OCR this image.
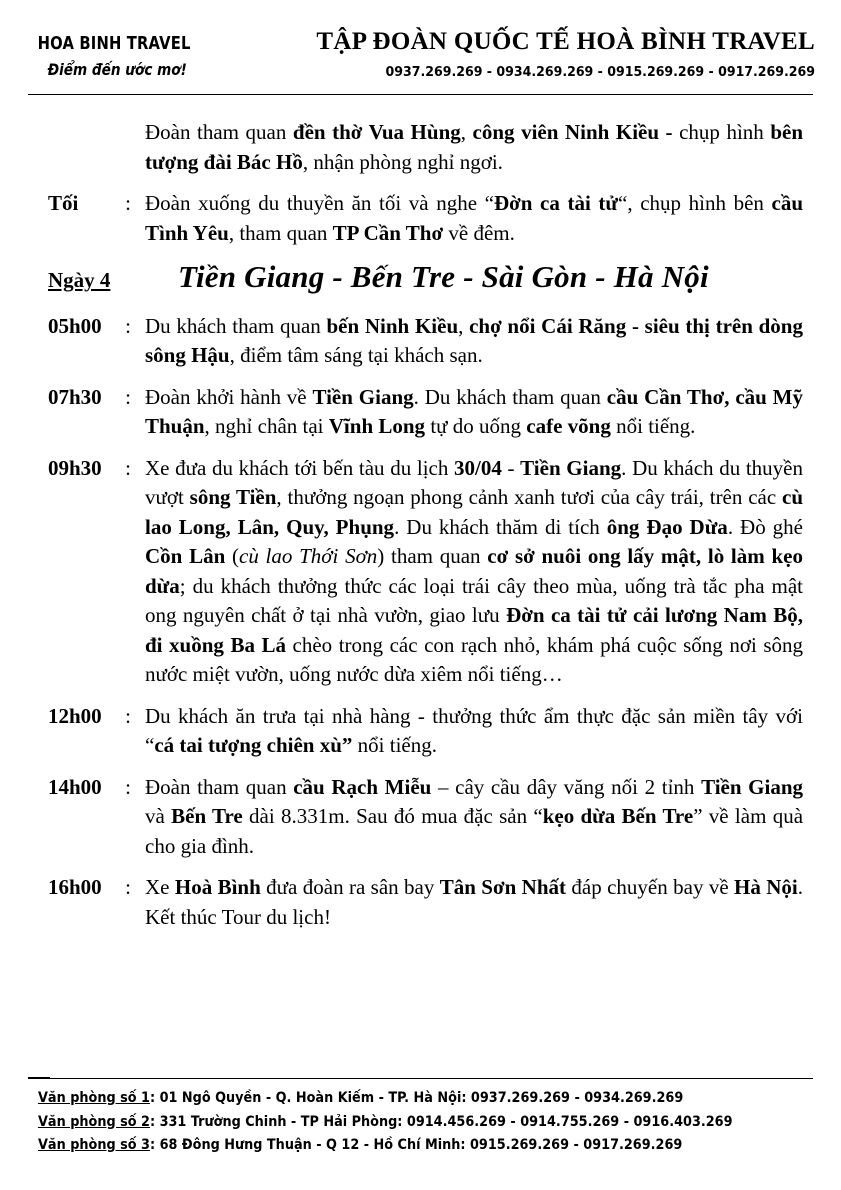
HOA BINH TRAVEL
Điểm đến ước mơ!
TẬP ĐOÀN QUỐC TẾ HOÀ BÌNH TRAVEL
0937.269.269 - 0934.269.269 - 0915.269.269 - 0917.269.269
Đoàn tham quan đền thờ Vua Hùng, công viên Ninh Kiều - chụp hình bên tượng đài Bác Hồ, nhận phòng nghỉ ngơi.
Tối	: Đoàn xuống du thuyền ăn tối và nghe “Đờn ca tài tử“, chụp hình bên cầu Tình Yêu, tham quan TP Cần Thơ về đêm.
Ngày 4	Tiền Giang - Bến Tre - Sài Gòn - Hà Nội
05h00 : Du khách tham quan bến Ninh Kiều, chợ nổi Cái Răng - siêu thị trên dòng sông Hậu, điểm tâm sáng tại khách sạn.
07h30 : Đoàn khởi hành về Tiền Giang. Du khách tham quan cầu Cần Thơ, cầu Mỹ Thuận, nghỉ chân tại Vĩnh Long tự do uống cafe võng nổi tiếng.
09h30 : Xe đưa du khách tới bến tàu du lịch 30/04 - Tiền Giang. Du khách du thuyền vượt sông Tiền, thưởng ngoạn phong cảnh xanh tươi của cây trái, trên các cù lao Long, Lân, Quy, Phụng. Du khách thăm di tích ông Đạo Dừa. Đò ghé Cồn Lân (cù lao Thới Sơn) tham quan cơ sở nuôi ong lấy mật, lò làm kẹo dừa; du khách thưởng thức các loại trái cây theo mùa, uống trà tắc pha mật ong nguyên chất ở tại nhà vườn, giao lưu Đờn ca tài tử cải lương Nam Bộ, đi xuồng Ba Lá chèo trong các con rạch nhỏ, khám phá cuộc sống nơi sông nước miệt vườn, uống nước dừa xiêm nổi tiếng…
12h00 : Du khách ăn trưa tại nhà hàng - thưởng thức ẩm thực đặc sản miền tây với “cá tai tượng chiên xù” nổi tiếng.
14h00 : Đoàn tham quan cầu Rạch Miễu – cây cầu dây văng nối 2 tỉnh Tiền Giang và Bến Tre dài 8.331m. Sau đó mua đặc sản “kẹo dừa Bến Tre” về làm quà cho gia đình.
16h00 : Xe Hoà Bình đưa đoàn ra sân bay Tân Sơn Nhất đáp chuyến bay về Hà Nội. Kết thúc Tour du lịch!
Văn phòng số 1: 01 Ngô Quyền - Q. Hoàn Kiếm - TP. Hà Nội: 0937.269.269 - 0934.269.269
Văn phòng số 2: 331 Trường Chinh - TP Hải Phòng: 0914.456.269 - 0914.755.269 - 0916.403.269
Văn phòng số 3: 68 Đông Hưng Thuận - Q 12 - Hồ Chí Minh: 0915.269.269 - 0917.269.269
